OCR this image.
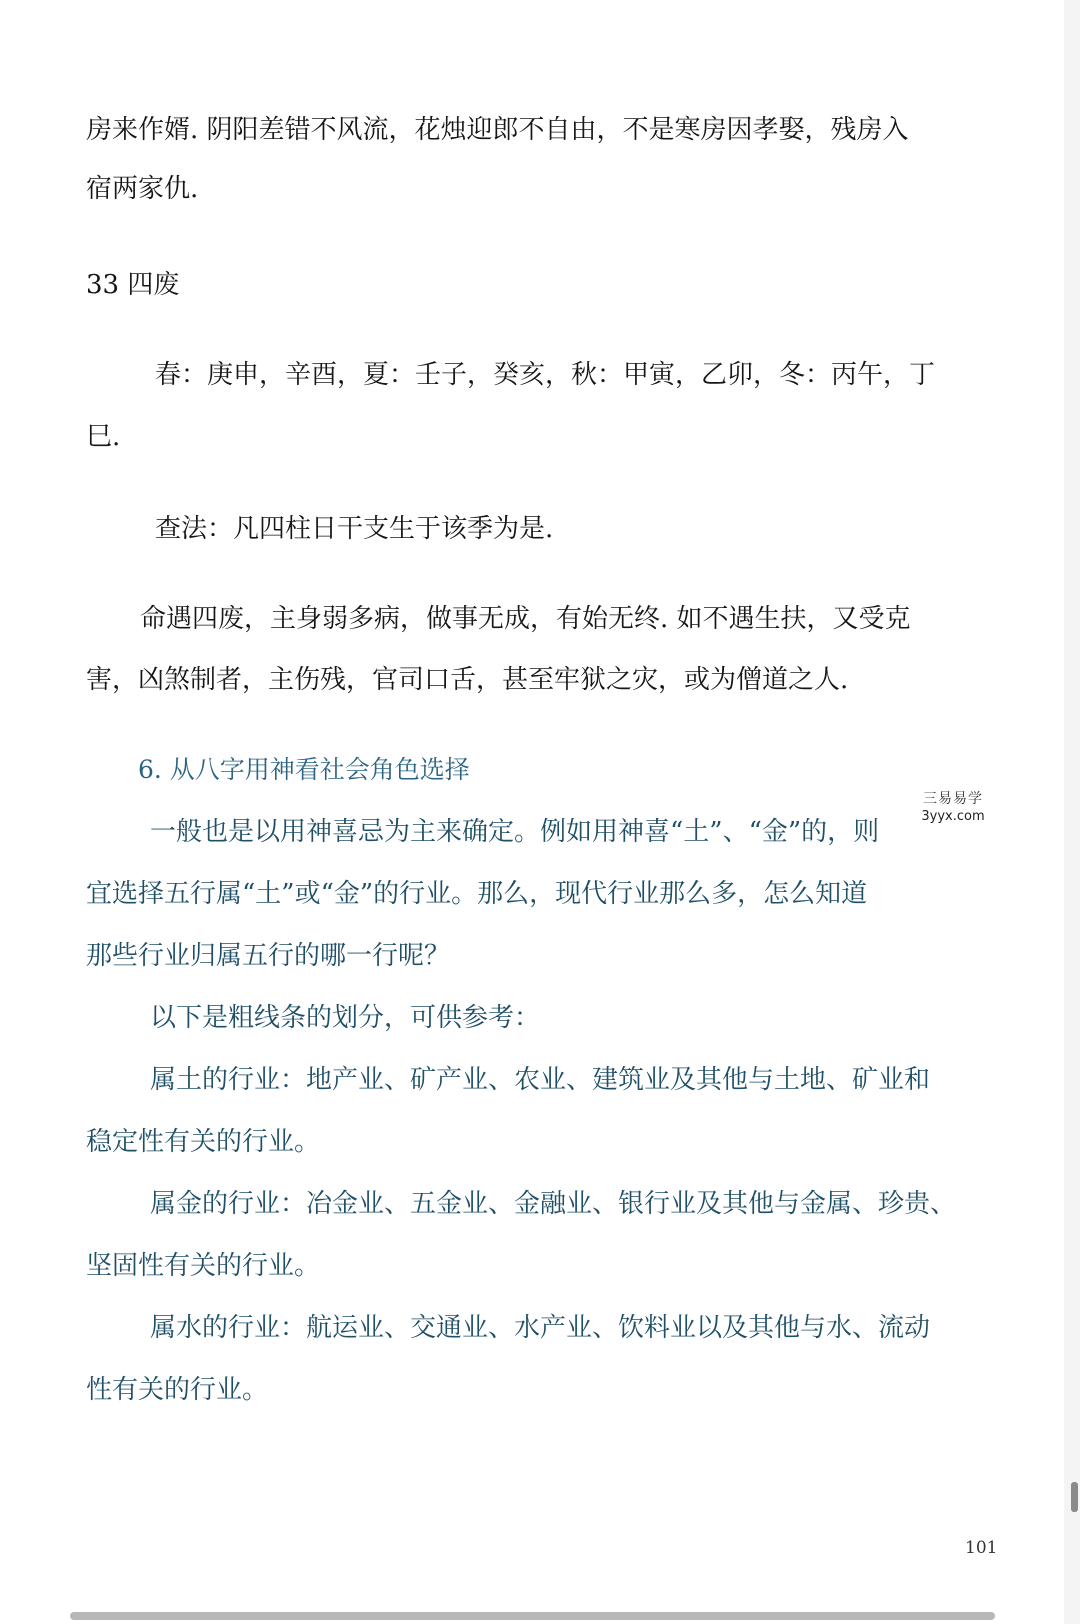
房来作婿. 阴阳差错不风流，花烛迎郎不自由，不是寒房因孝娶，残房入
宿两家仇.
33 四废
春：庚申，辛酉，夏：壬子，癸亥，秋：甲寅，乙卯，冬：丙午，丁
巳.
查法：凡四柱日干支生于该季为是.
命遇四废，主身弱多病，做事无成，有始无终. 如不遇生扶，又受克
害，凶煞制者，主伤残，官司口舌，甚至牢狱之灾，或为僧道之人.
6. 从八字用神看社会角色选择
一般也是以用神喜忌为主来确定。例如用神喜“土”、“金”的，则
宜选择五行属“土”或“金”的行业。那么，现代行业那么多，怎么知道
那些行业归属五行的哪一行呢？
以下是粗线条的划分，可供参考：
属土的行业：地产业、矿产业、农业、建筑业及其他与土地、矿业和
稳定性有关的行业。
属金的行业：冶金业、五金业、金融业、银行业及其他与金属、珍贵、
坚固性有关的行业。
属水的行业：航运业、交通业、水产业、饮料业以及其他与水、流动
性有关的行业。
三易易学
3yyx.com
101
